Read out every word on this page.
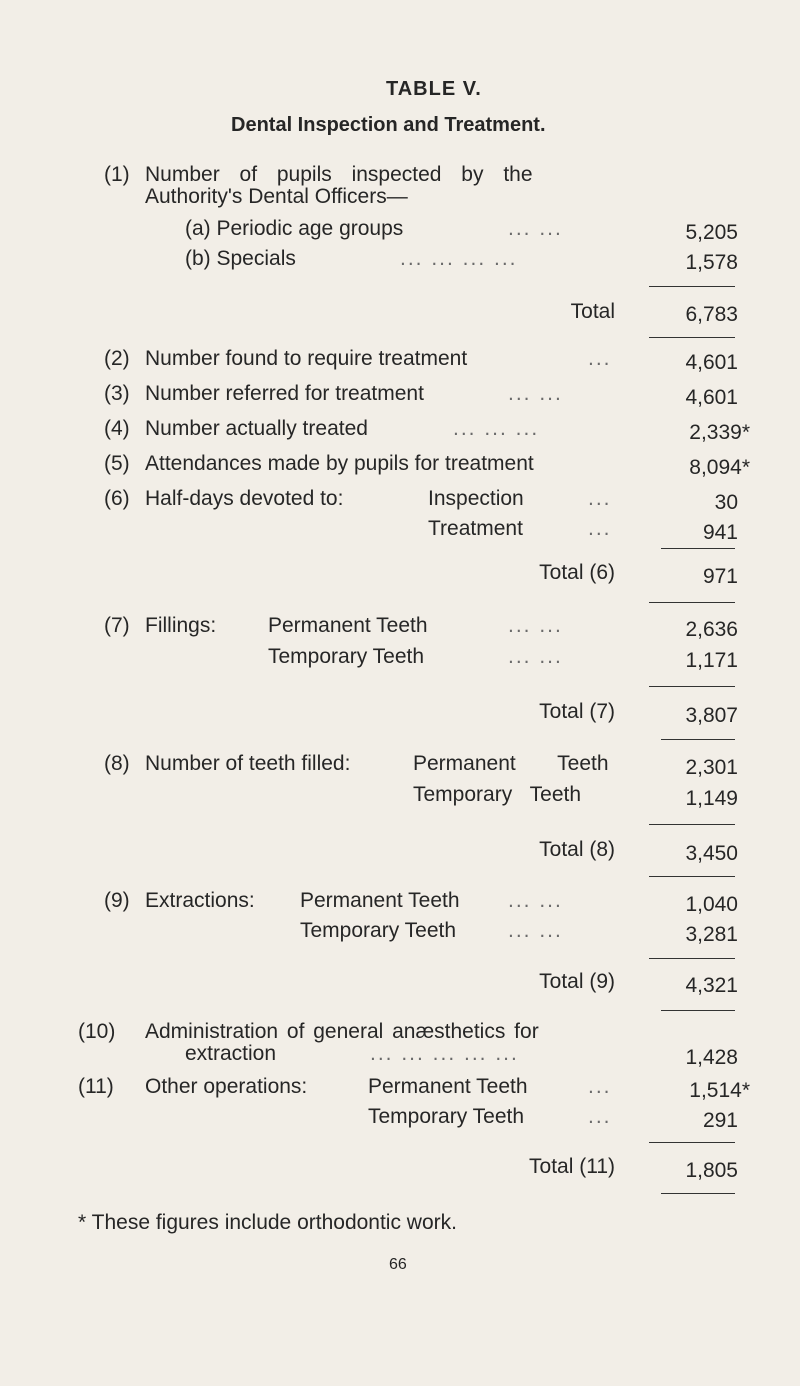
TABLE V.
Dental Inspection and Treatment.
(1) Number of pupils inspected by the
Authority's Dental Officers—
(a) Periodic age groups	... ...	5,205
(b) Specials	... ... ... ...	1,578
Total	6,783
(2) Number found to require treatment	...	4,601
(3) Number referred for treatment	... ...	4,601
(4) Number actually treated	... ... ...	2,339*
(5) Attendances made by pupils for treatment	8,094*
(6) Half-days devoted to:	Inspection	...	30
Treatment	...	941
Total (6)	971
(7) Fillings: Permanent Teeth	... ...	2,636
Temporary Teeth	... ...	1,171
Total (7)	3,807
(8) Number of teeth filled:	Permanent Teeth	2,301
Temporary Teeth	1,149
Total (8)	3,450
(9) Extractions: Permanent Teeth ... ...	1,040
Temporary Teeth ... ...	3,281
Total (9)	4,321
(10) Administration of general anæsthetics for
extraction	... ... ... ... ...	1,428
(11) Other operations:	Permanent Teeth	...	1,514*
Temporary Teeth	...	291
Total (11)	1,805
* These figures include orthodontic work.
66
